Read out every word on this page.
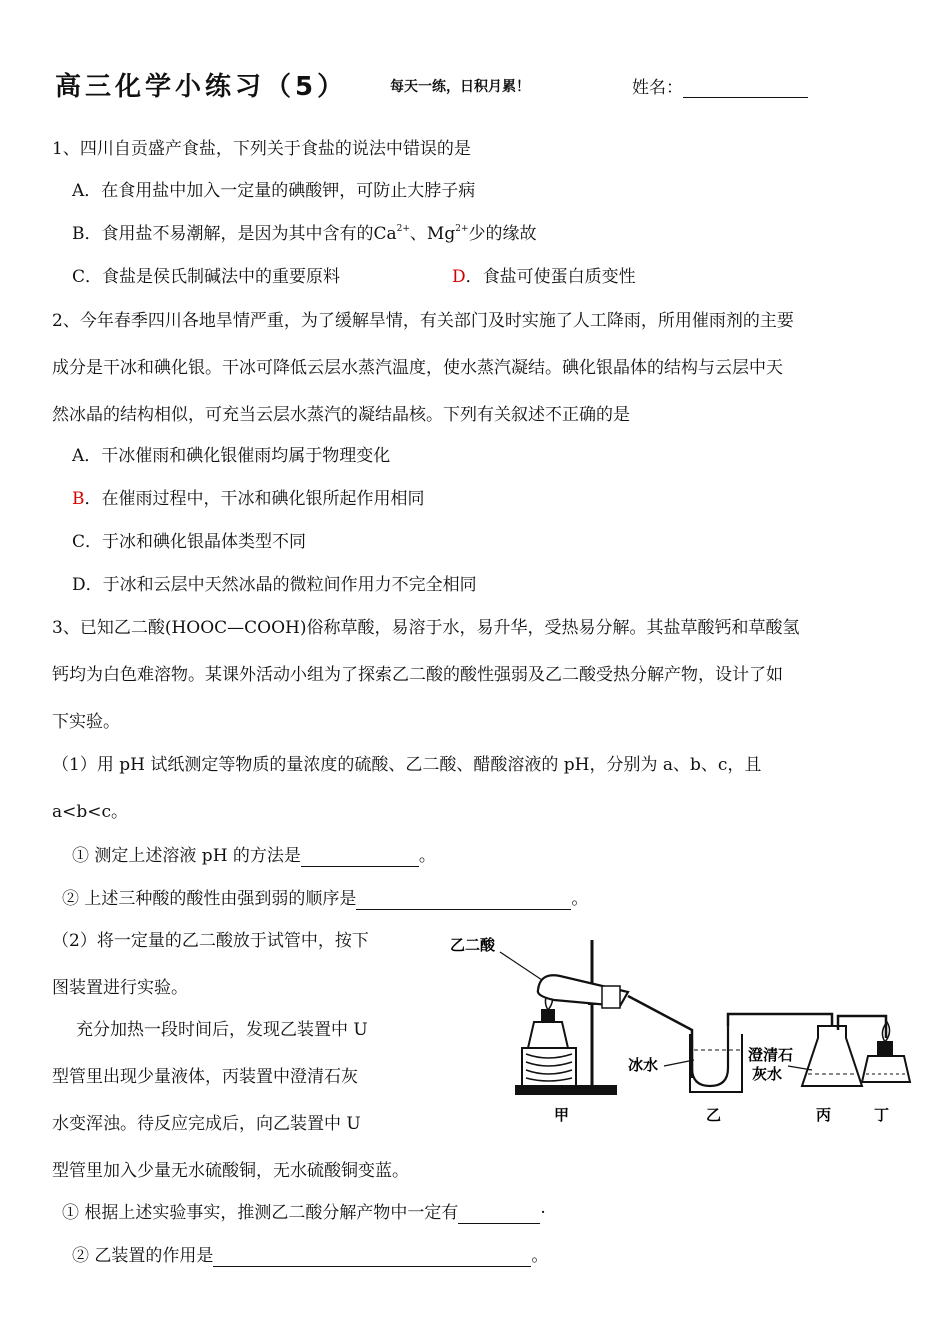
高三化学小练习（5）	每天一练，日积月累！	姓名：
1、四川自贡盛产食盐，下列关于食盐的说法中错误的是
A．在食用盐中加入一定量的碘酸钾，可防止大脖子病
B．食用盐不易潮解，是因为其中含有的$Ca^{2+}$、$Mg^{2+}$少的缘故
C．食盐是侯氏制碱法中的重要原料	D．食盐可使蛋白质变性
2、今年春季四川各地旱情严重，为了缓解旱情，有关部门及时实施了人工降雨，所用催雨剂的主要
成分是干冰和碘化银。干冰可降低云层水蒸汽温度，使水蒸汽凝结。碘化银晶体的结构与云层中天
然冰晶的结构相似，可充当云层水蒸汽的凝结晶核。下列有关叙述不正确的是
A．干冰催雨和碘化银催雨均属于物理变化
B．在催雨过程中，干冰和碘化银所起作用相同
C．于冰和碘化银晶体类型不同
D．于冰和云层中天然冰晶的微粒间作用力不完全相同
3、已知乙二酸(HOOC—COOH)俗称草酸，易溶于水，易升华，受热易分解。其盐草酸钙和草酸氢
钙均为白色难溶物。某课外活动小组为了探索乙二酸的酸性强弱及乙二酸受热分解产物，设计了如
下实验。
（1）用 pH 试纸测定等物质的量浓度的硫酸、乙二酸、醋酸溶液的 pH，分别为 a、b、c，且
a<b<c。
① 测定上述溶液 pH 的方法是	。
② 上述三种酸的酸性由强到弱的顺序是	。
（2）将一定量的乙二酸放于试管中，按下
图装置进行实验。
充分加热一段时间后，发现乙装置中 U
型管里出现少量液体，丙装置中澄清石灰
水变浑浊。待反应完成后，向乙装置中 U
型管里加入少量无水硫酸铜，无水硫酸铜变蓝。
① 根据上述实验事实，推测乙二酸分解产物中一定有	·
② 乙装置的作用是	。
乙二酸
冰水
澄清石
灰水
甲	乙	丙	丁
